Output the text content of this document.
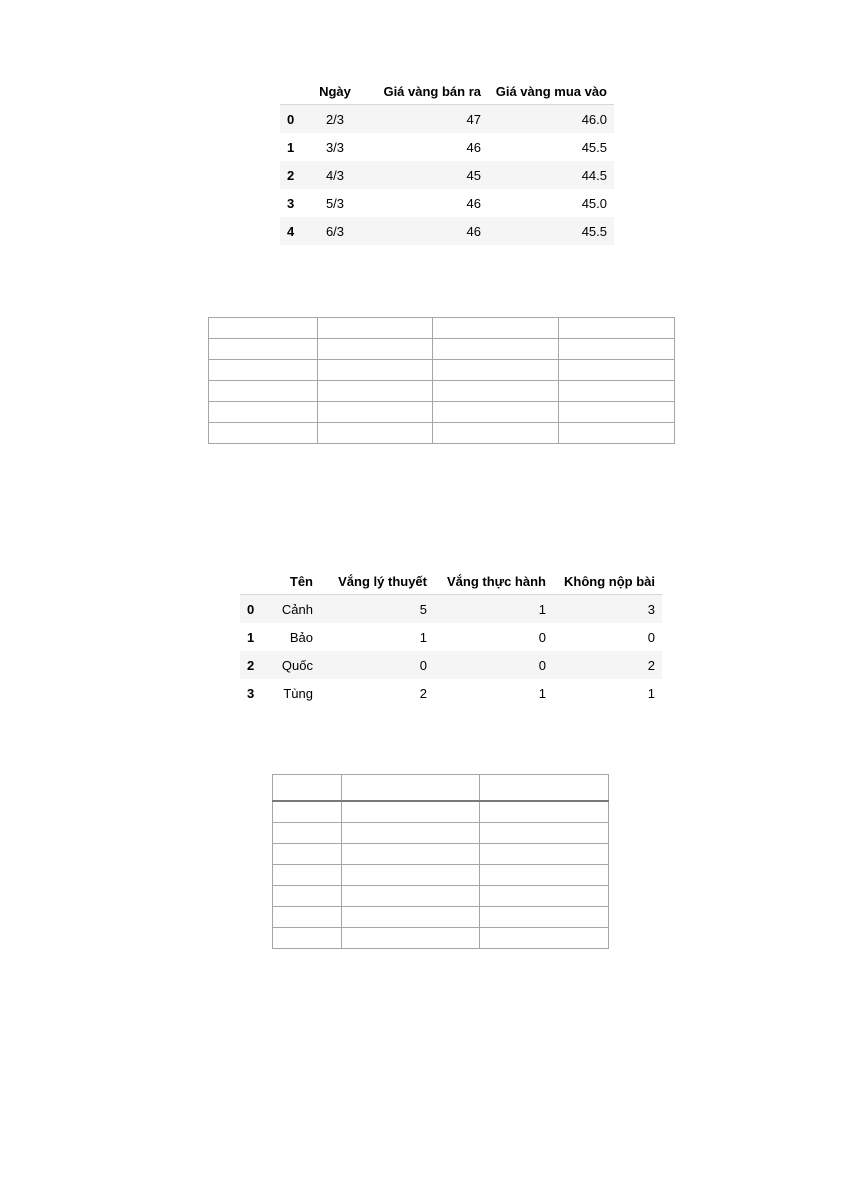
	Ngày	Giá vàng bán ra	Giá vàng mua vào
0	2/3	47	46.0
1	3/3	46	45.5
2	4/3	45	44.5
3	5/3	46	45.0
4	6/3	46	45.5

	Tên	Vắng lý thuyết	Vắng thực hành	Không nộp bài
0	Cảnh	5	1	3
1	Bảo	1	0	0
2	Quốc	0	0	2
3	Tùng	2	1	1
